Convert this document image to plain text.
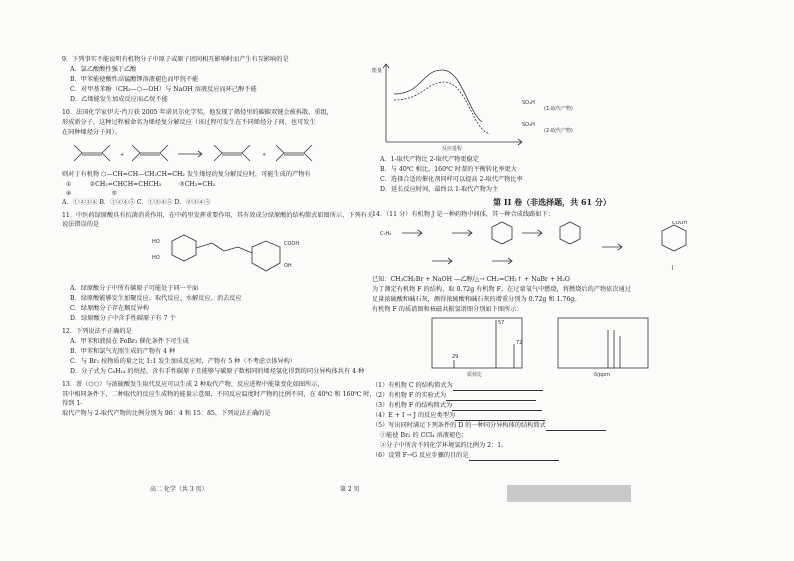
9．下列事实不能说明有机物分子中原子或原子团间相互影响时而产生有互影响的是

A．氯乙酸酸性强于乙酸

B．甲苯能使酸性高锰酸钾溶液褪色而甲烷不能

C．对甲基苯酚（CH₃—⬡—OH）与 NaOH 溶液反应而环己醇不能

D．乙烯能发生加成反应而乙烷不能

10．法国化学家伊夫·肖万获 2005 年诺贝尔化学奖，他发现了烯烃里的碳碳双键会被拆散、重组，

形成新分子，这种过程被命名为烯烃复分解反应（该过程可发生在不同烯烃分子间，也可发生

在同种烯烃分子间）。

+	+

则对于有机物 ⬡—CH=CH—CH₂CH=CH₂ 发生烯烃的复分解反应时，可能生成的产物有

①	②CH₂=CHCH=CHCH₃	③CH₂=CH₂
④	⑤

A．①②③④ B．①②④⑤ C．①③④⑤ D．②③④⑤

11．中医药绿原酸具有抗菌消炎作用，在中药里发挥重要作用，其有效成分绿原酸的结构简式如图所示，下列有关说法错误的是

HO
HO
COOH
OH

A．绿原酸分子中所有碳原子可能处于同一平面

B．绿原酸能够发生加聚反应、取代反应、水解反应、消去反应

C．绿原酸分子存在顺反异构

D．绿原酸分子中含手性碳原子有 7 个

12．下列说法不正确的是

A．甲苯和液溴在 FeBr₃ 催化条件下可生成

B．甲苯和氯气光照生成的产物有 4 种

C．与 Br₂ 按物质的量之比 1:1 发生加成反应时，产物有 5 种（不考虑立体异构）

D．分子式为 C₆H₁₄ 的烷烃，含有手性碳原子且能够与碳原子数相同的烯烃氢化得到的同分异构体共有 4 种

13．萘（⬡⬡）与浓硫酸发生取代反应可以生成 2 种取代产物，反应进程中能量变化如图所示，

其中相同条件下，二种取代的反应生成物的能量示意图，不同反应温度时产物的比例不同，在 40℃ 和 160℃ 时，得到 1-

取代产物与 2-取代产物的比例分别为 96：4 和 15：85，下列说法正确的是

能量
反应进程
SO₃H
(1-取代产物)
SO₃H
(2-取代产物)

A．1-取代产物比 2-取代产物更稳定

B．与 40℃ 相比，160℃ 时萘的平衡转化率更大

C．选择合适的催化剂同样可以提高 2-取代产物比率

D．延长反应时间，最终以 1-取代产物为主

第 II 卷（非选择题，共 61 分）

14．（11 分）有机物 J 是一种药物中间体，其一种合成线路如下：

C₇H₈
COOH
J

已知：CH₃CH₂Br + NaOH —乙醇/△→ CH₂=CH₂↑ + NaBr + H₂O

为了测定有机物 F 的结构，取 0.72g 有机物 F，在过量氧气中燃烧，将燃烧后的产物依次通过

足量浓硫酸和碱石灰，测得浓硫酸和碱石灰的增重分别为 0.72g 和 1.76g。

有机物 F 的质谱图和核磁共振氢谱图分别如下图所示：

29
57
72
质荷比	δ/ppm

（1）有机物 C 的结构简式为

（2）有机物 F 的实验式为

（3）有机物 F 的结构简式为

（4）E + I → J 的反应类型为

（5）写出同时满足下列条件的 D 的一种同分异构体的结构简式

①能使 Br₂ 的 CCl₄ 溶液褪色；

②分子中所含不同化学环境氢的比例为 2：1。

（6）设置 F→G 反应步骤的目的是

高二 化学（共 3 页）	第 2 页
